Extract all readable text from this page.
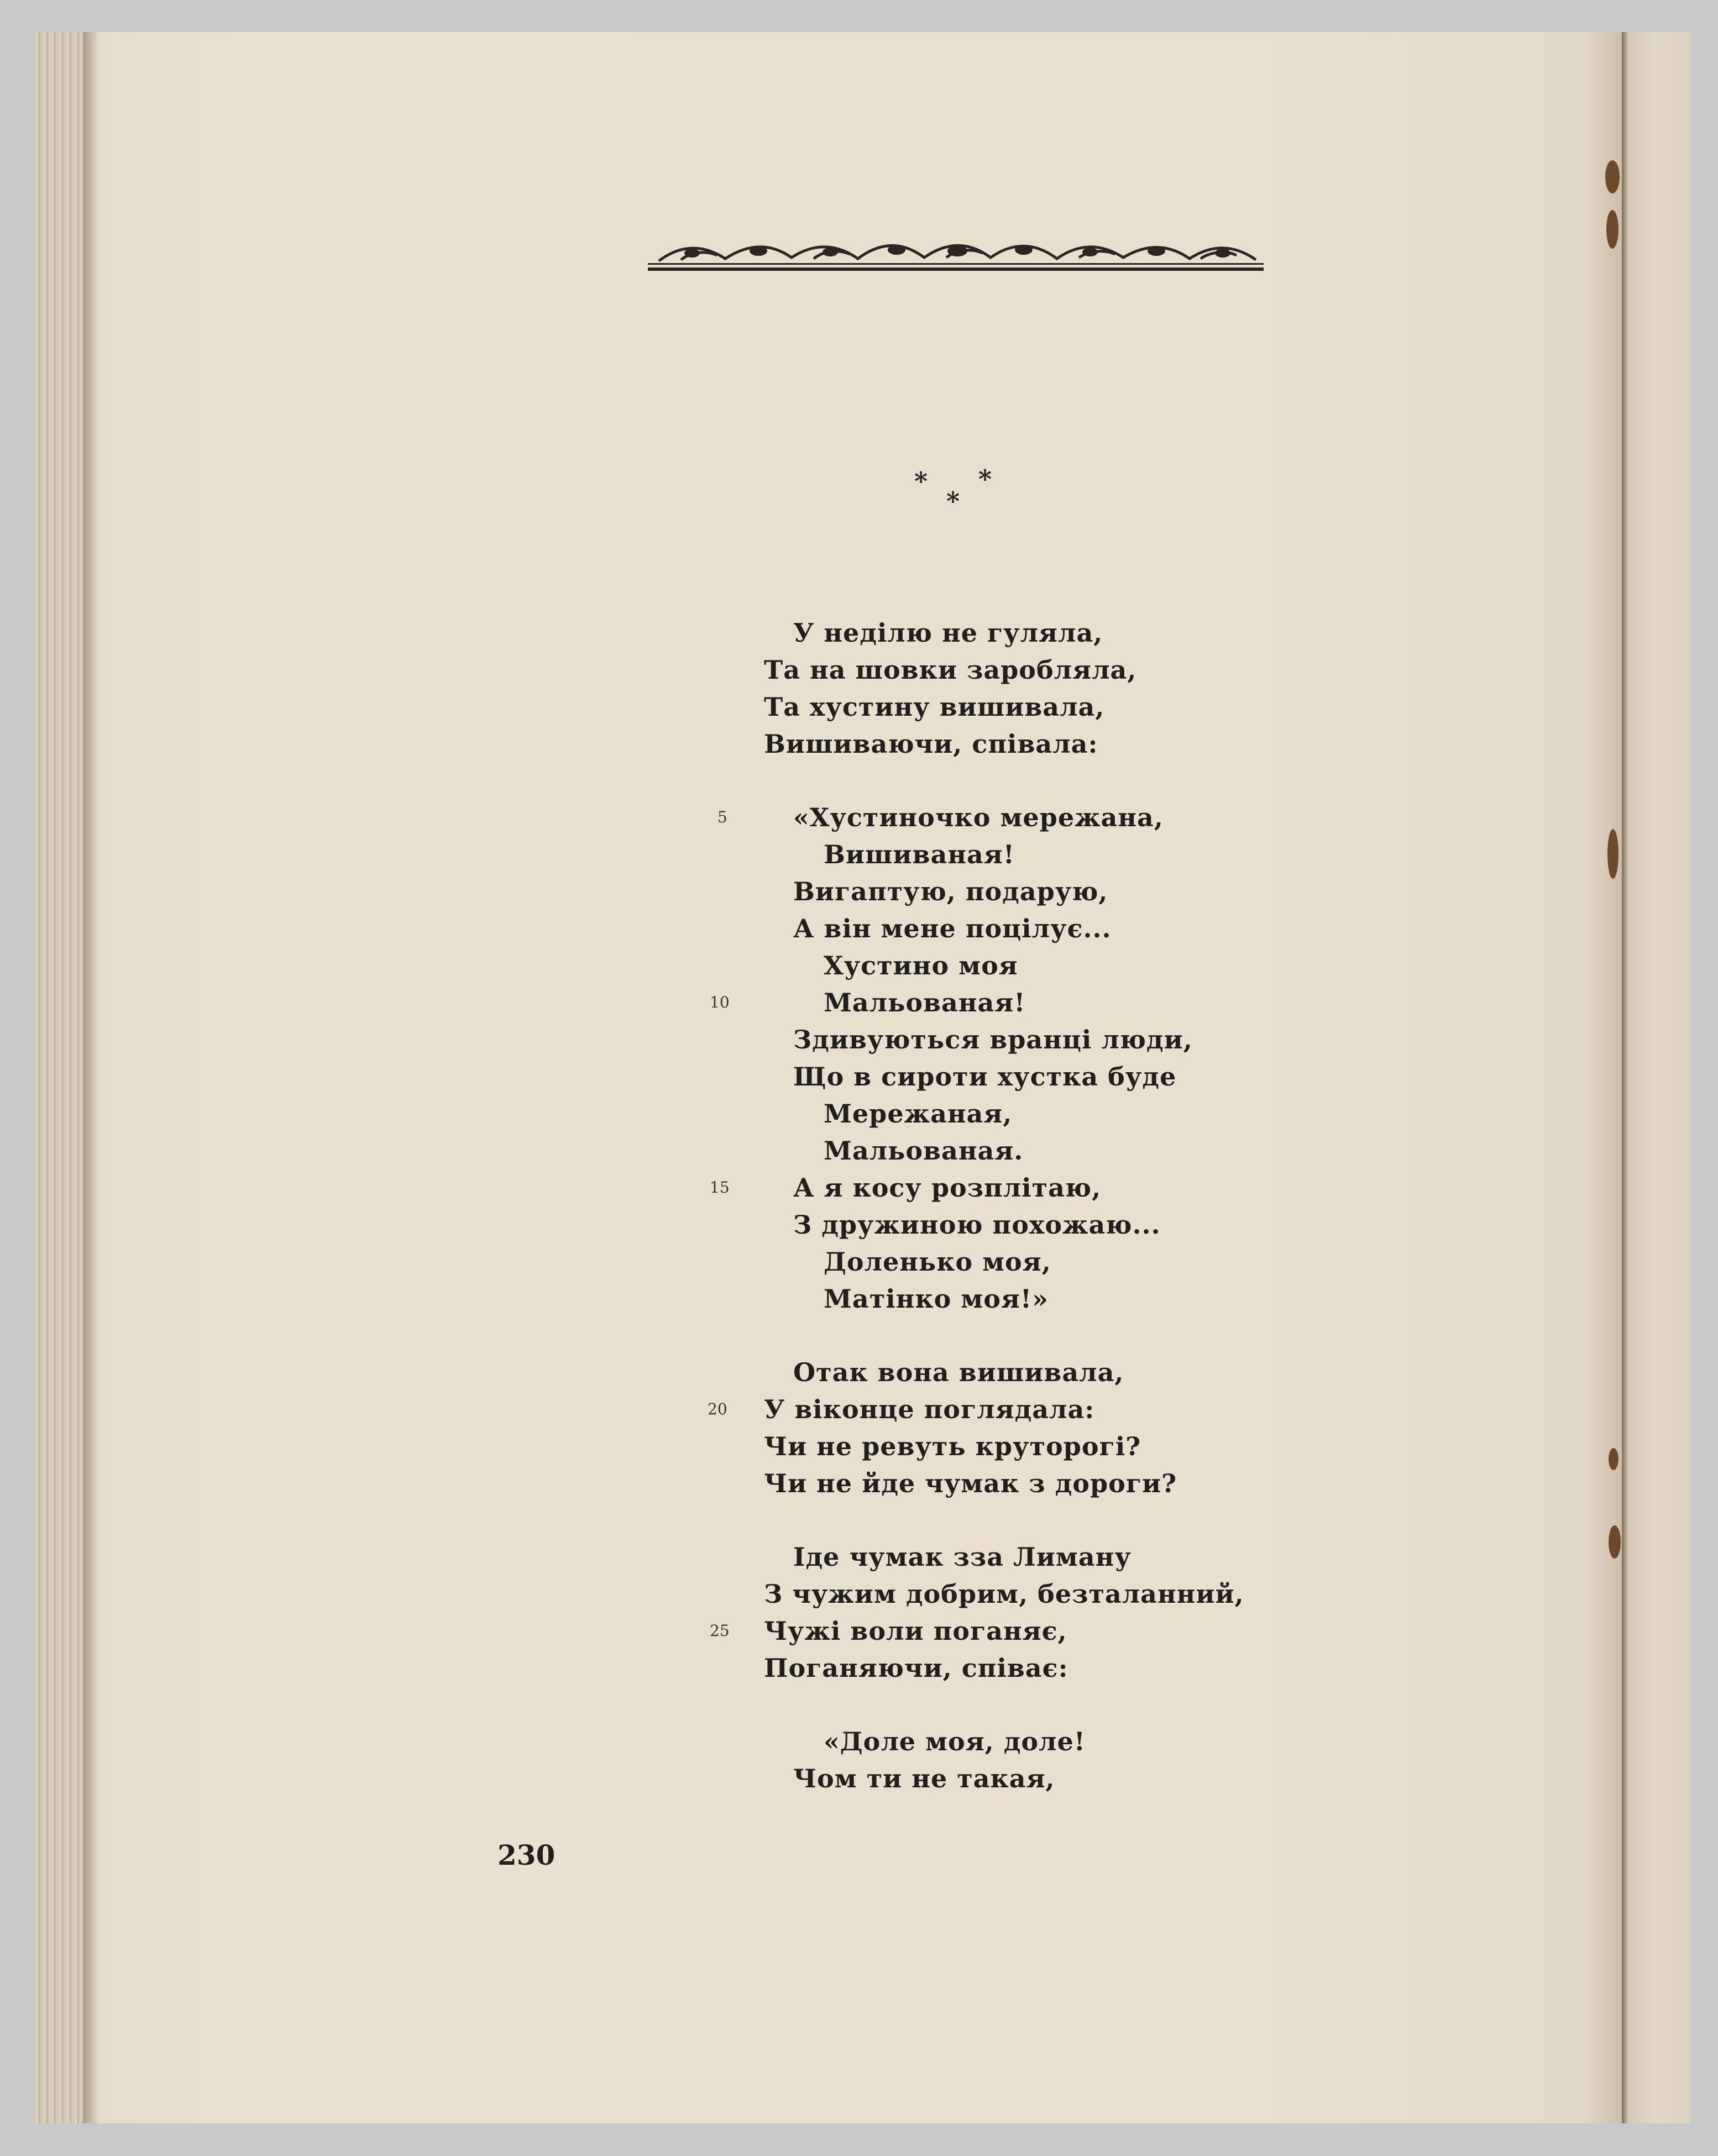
* *
*
У неділю не гуляла,
Та на шовки заробляла,
Та хустину вишивала,
Вишиваючи, співала:
5	«Хустиночко мережана,
Вишиваная!
Вигаптую, подарую,
А він мене поцілує...
Хустино моя
10	Мальованая!
Здивуються вранці люди,
Що в сироти хустка буде
Мережаная,
Мальованая.
15	А я косу розплітаю,
З дружиною похожаю...
Доленько моя,
Матінко моя!»
Отак вона вишивала,
20 У віконце поглядала:
Чи не ревуть круторогі?
Чи не йде чумак з дороги?
Іде чумак зза Лиману
З чужим добрим, безталанний,
25 Чужі воли поганяє,
Поганяючи, співає:
«Доле моя, доле!
Чом ти не такая,
230
